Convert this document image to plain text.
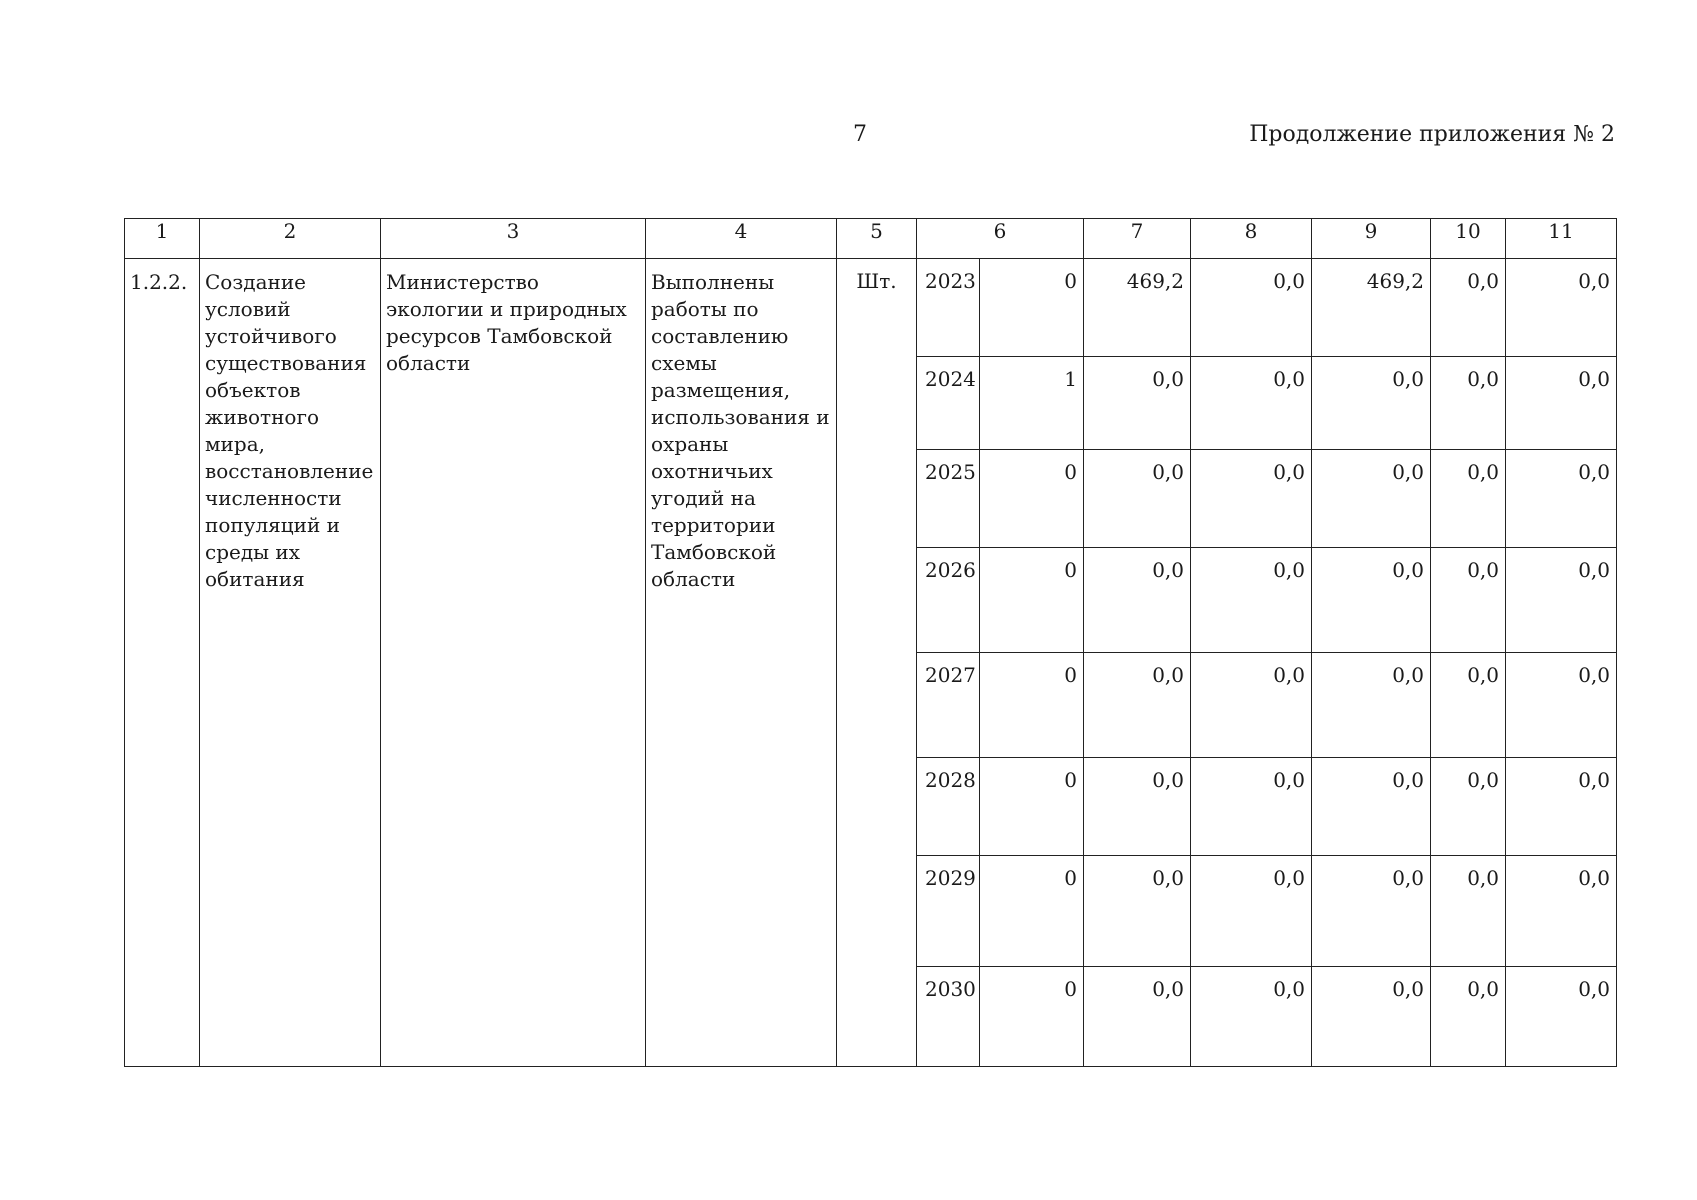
7	Продолжение приложения № 2
1	2	3	4	5	6		7	8	9	10	11
1.2.2.	Создание условий устойчивого существования объектов животного мира, восстановление численности популяций и среды их обитания	Министерство экологии и природных ресурсов Тамбовской области	Выполнены работы по составлению схемы размещения, использования и охраны охотничьих угодий на территории Тамбовской области	Шт.	2023	0	469,2	0,0	469,2	0,0	0,0
					2024	1	0,0	0,0	0,0	0,0	0,0
					2025	0	0,0	0,0	0,0	0,0	0,0
					2026	0	0,0	0,0	0,0	0,0	0,0
					2027	0	0,0	0,0	0,0	0,0	0,0
					2028	0	0,0	0,0	0,0	0,0	0,0
					2029	0	0,0	0,0	0,0	0,0	0,0
					2030	0	0,0	0,0	0,0	0,0	0,0
